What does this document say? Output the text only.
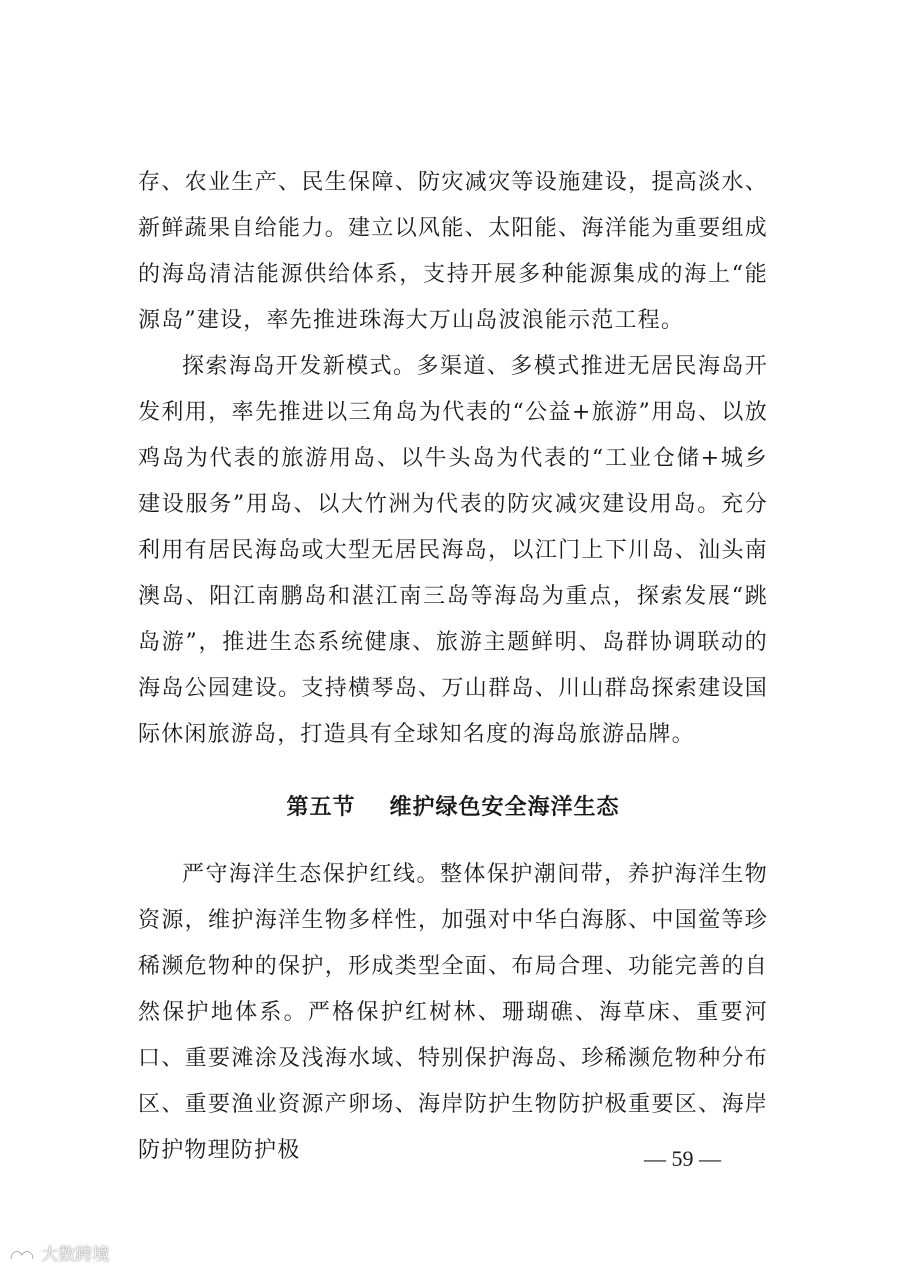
存、农业生产、民生保障、防灾减灾等设施建设，提高淡水、新鲜蔬果自给能力。建立以风能、太阳能、海洋能为重要组成的海岛清洁能源供给体系，支持开展多种能源集成的海上“能源岛”建设，率先推进珠海大万山岛波浪能示范工程。

探索海岛开发新模式。多渠道、多模式推进无居民海岛开发利用，率先推进以三角岛为代表的“公益+旅游”用岛、以放鸡岛为代表的旅游用岛、以牛头岛为代表的“工业仓储+城乡建设服务”用岛、以大竹洲为代表的防灾减灾建设用岛。充分利用有居民海岛或大型无居民海岛，以江门上下川岛、汕头南澳岛、阳江南鹏岛和湛江南三岛等海岛为重点，探索发展“跳岛游”，推进生态系统健康、旅游主题鲜明、岛群协调联动的海岛公园建设。支持横琴岛、万山群岛、川山群岛探索建设国际休闲旅游岛，打造具有全球知名度的海岛旅游品牌。

第五节 维护绿色安全海洋生态

严守海洋生态保护红线。整体保护潮间带，养护海洋生物资源，维护海洋生物多样性，加强对中华白海豚、中国鲎等珍稀濒危物种的保护，形成类型全面、布局合理、功能完善的自然保护地体系。严格保护红树林、珊瑚礁、海草床、重要河口、重要滩涂及浅海水域、特别保护海岛、珍稀濒危物种分布区、重要渔业资源产卵场、海岸防护生物防护极重要区、海岸防护物理防护极	— 59 —
大数跨境
